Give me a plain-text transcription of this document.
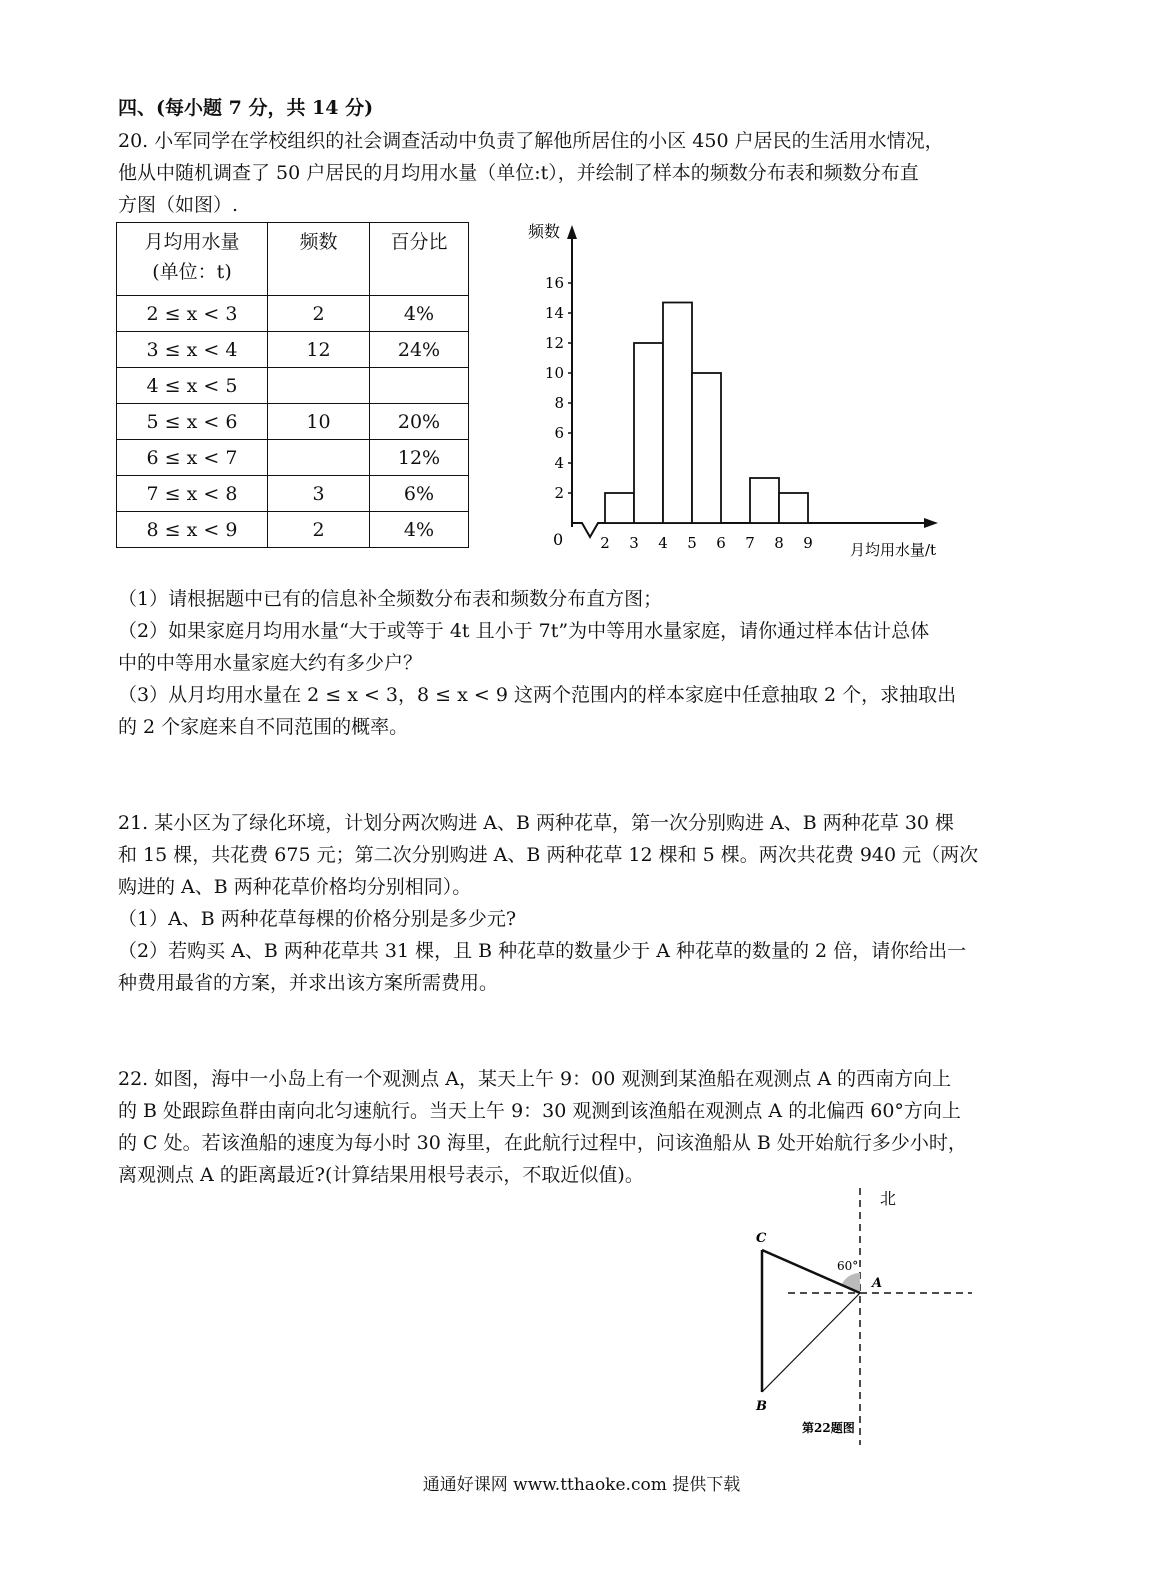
四、(每小题 7 分，共 14 分)
20. 小军同学在学校组织的社会调查活动中负责了解他所居住的小区 450 户居民的生活用水情况，
他从中随机调查了 50 户居民的月均用水量（单位:t），并绘制了样本的频数分布表和频数分布直
方图（如图）.
月均用水量
(单位：t)	频数	百分比
2 ≤ x < 3	2	4%
3 ≤ x < 4	12	24%
4 ≤ x < 5		
5 ≤ x < 6	10	20%
6 ≤ x < 7		12%
7 ≤ x < 8	3	6%
8 ≤ x < 9	2	4%
频数
0
月均用水量/t
2
4
6
8
10
12
14
16
2 3 4 5 6 7 8 9
（1）请根据题中已有的信息补全频数分布表和频数分布直方图；
（2）如果家庭月均用水量“大于或等于 4t 且小于 7t”为中等用水量家庭，请你通过样本估计总体
中的中等用水量家庭大约有多少户？
（3）从月均用水量在 2 ≤ x < 3，8 ≤ x < 9 这两个范围内的样本家庭中任意抽取 2 个，求抽取出
的 2 个家庭来自不同范围的概率。
21. 某小区为了绿化环境，计划分两次购进 A、B 两种花草，第一次分别购进 A、B 两种花草 30 棵
和 15 棵，共花费 675 元；第二次分别购进 A、B 两种花草 12 棵和 5 棵。两次共花费 940 元（两次
购进的 A、B 两种花草价格均分别相同）。
（1）A、B 两种花草每棵的价格分别是多少元?
（2）若购买 A、B 两种花草共 31 棵，且 B 种花草的数量少于 A 种花草的数量的 2 倍，请你给出一
种费用最省的方案，并求出该方案所需费用。
22. 如图，海中一小岛上有一个观测点 A，某天上午 9：00 观测到某渔船在观测点 A 的西南方向上
的 B 处跟踪鱼群由南向北匀速航行。当天上午 9：30 观测到该渔船在观测点 A 的北偏西 60°方向上
的 C 处。若该渔船的速度为每小时 30 海里，在此航行过程中，问该渔船从 B 处开始航行多少小时，
离观测点 A 的距离最近?(计算结果用根号表示，不取近似值)。
北
C
A
B
60°
第22题图
通通好课网 www.tthaoke.com 提供下载
